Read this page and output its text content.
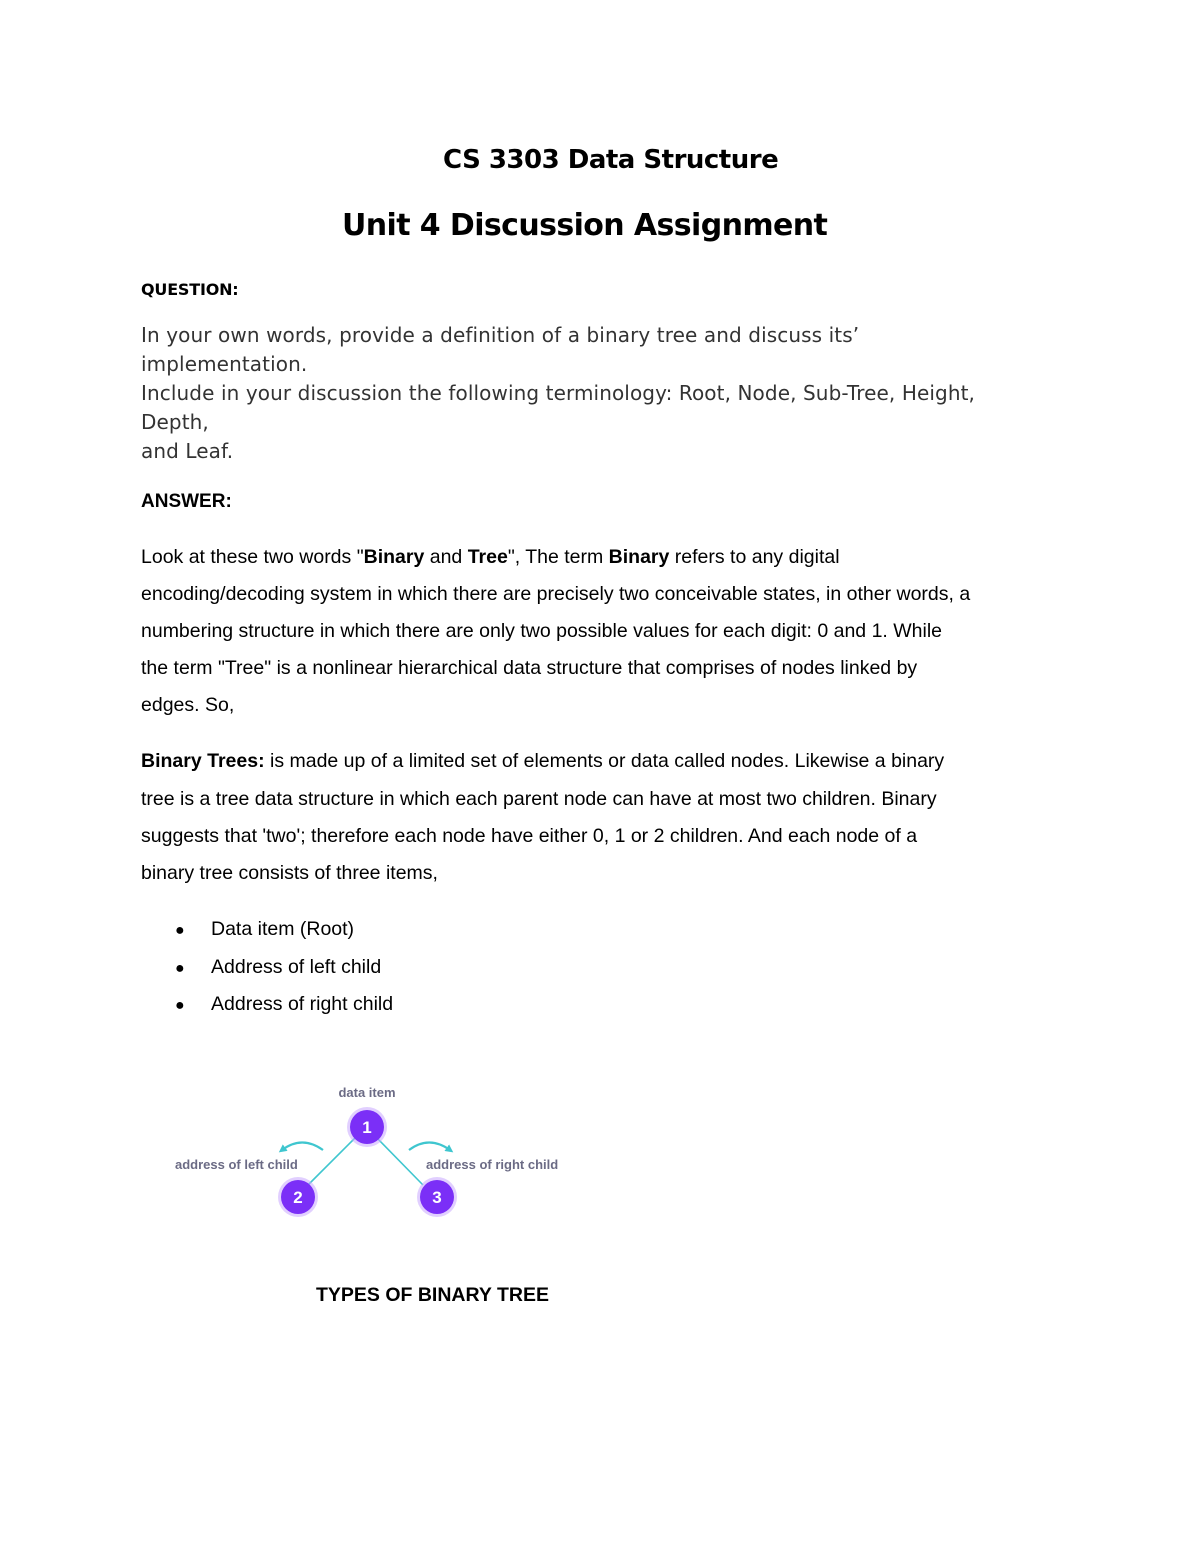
CS 3303 Data Structure
Unit 4 Discussion Assignment
QUESTION:
In your own words, provide a definition of a binary tree and discuss its’
implementation.
Include in your discussion the following terminology: Root, Node, Sub-Tree, Height,
Depth,
and Leaf.
ANSWER:
Look at these two words "Binary and Tree", The term Binary refers to any digital
encoding/decoding system in which there are precisely two conceivable states, in other words, a
numbering structure in which there are only two possible values for each digit: 0 and 1. While
the term "Tree" is a nonlinear hierarchical data structure that comprises of nodes linked by
edges. So,
Binary Trees: is made up of a limited set of elements or data called nodes. Likewise a binary
tree is a tree data structure in which each parent node can have at most two children. Binary
suggests that 'two'; therefore each node have either 0, 1 or 2 children. And each node of a
binary tree consists of three items,
● Data item (Root)
● Address of left child
● Address of right child
data item
address of left child	address of right child
1
2	3
TYPES OF BINARY TREE
